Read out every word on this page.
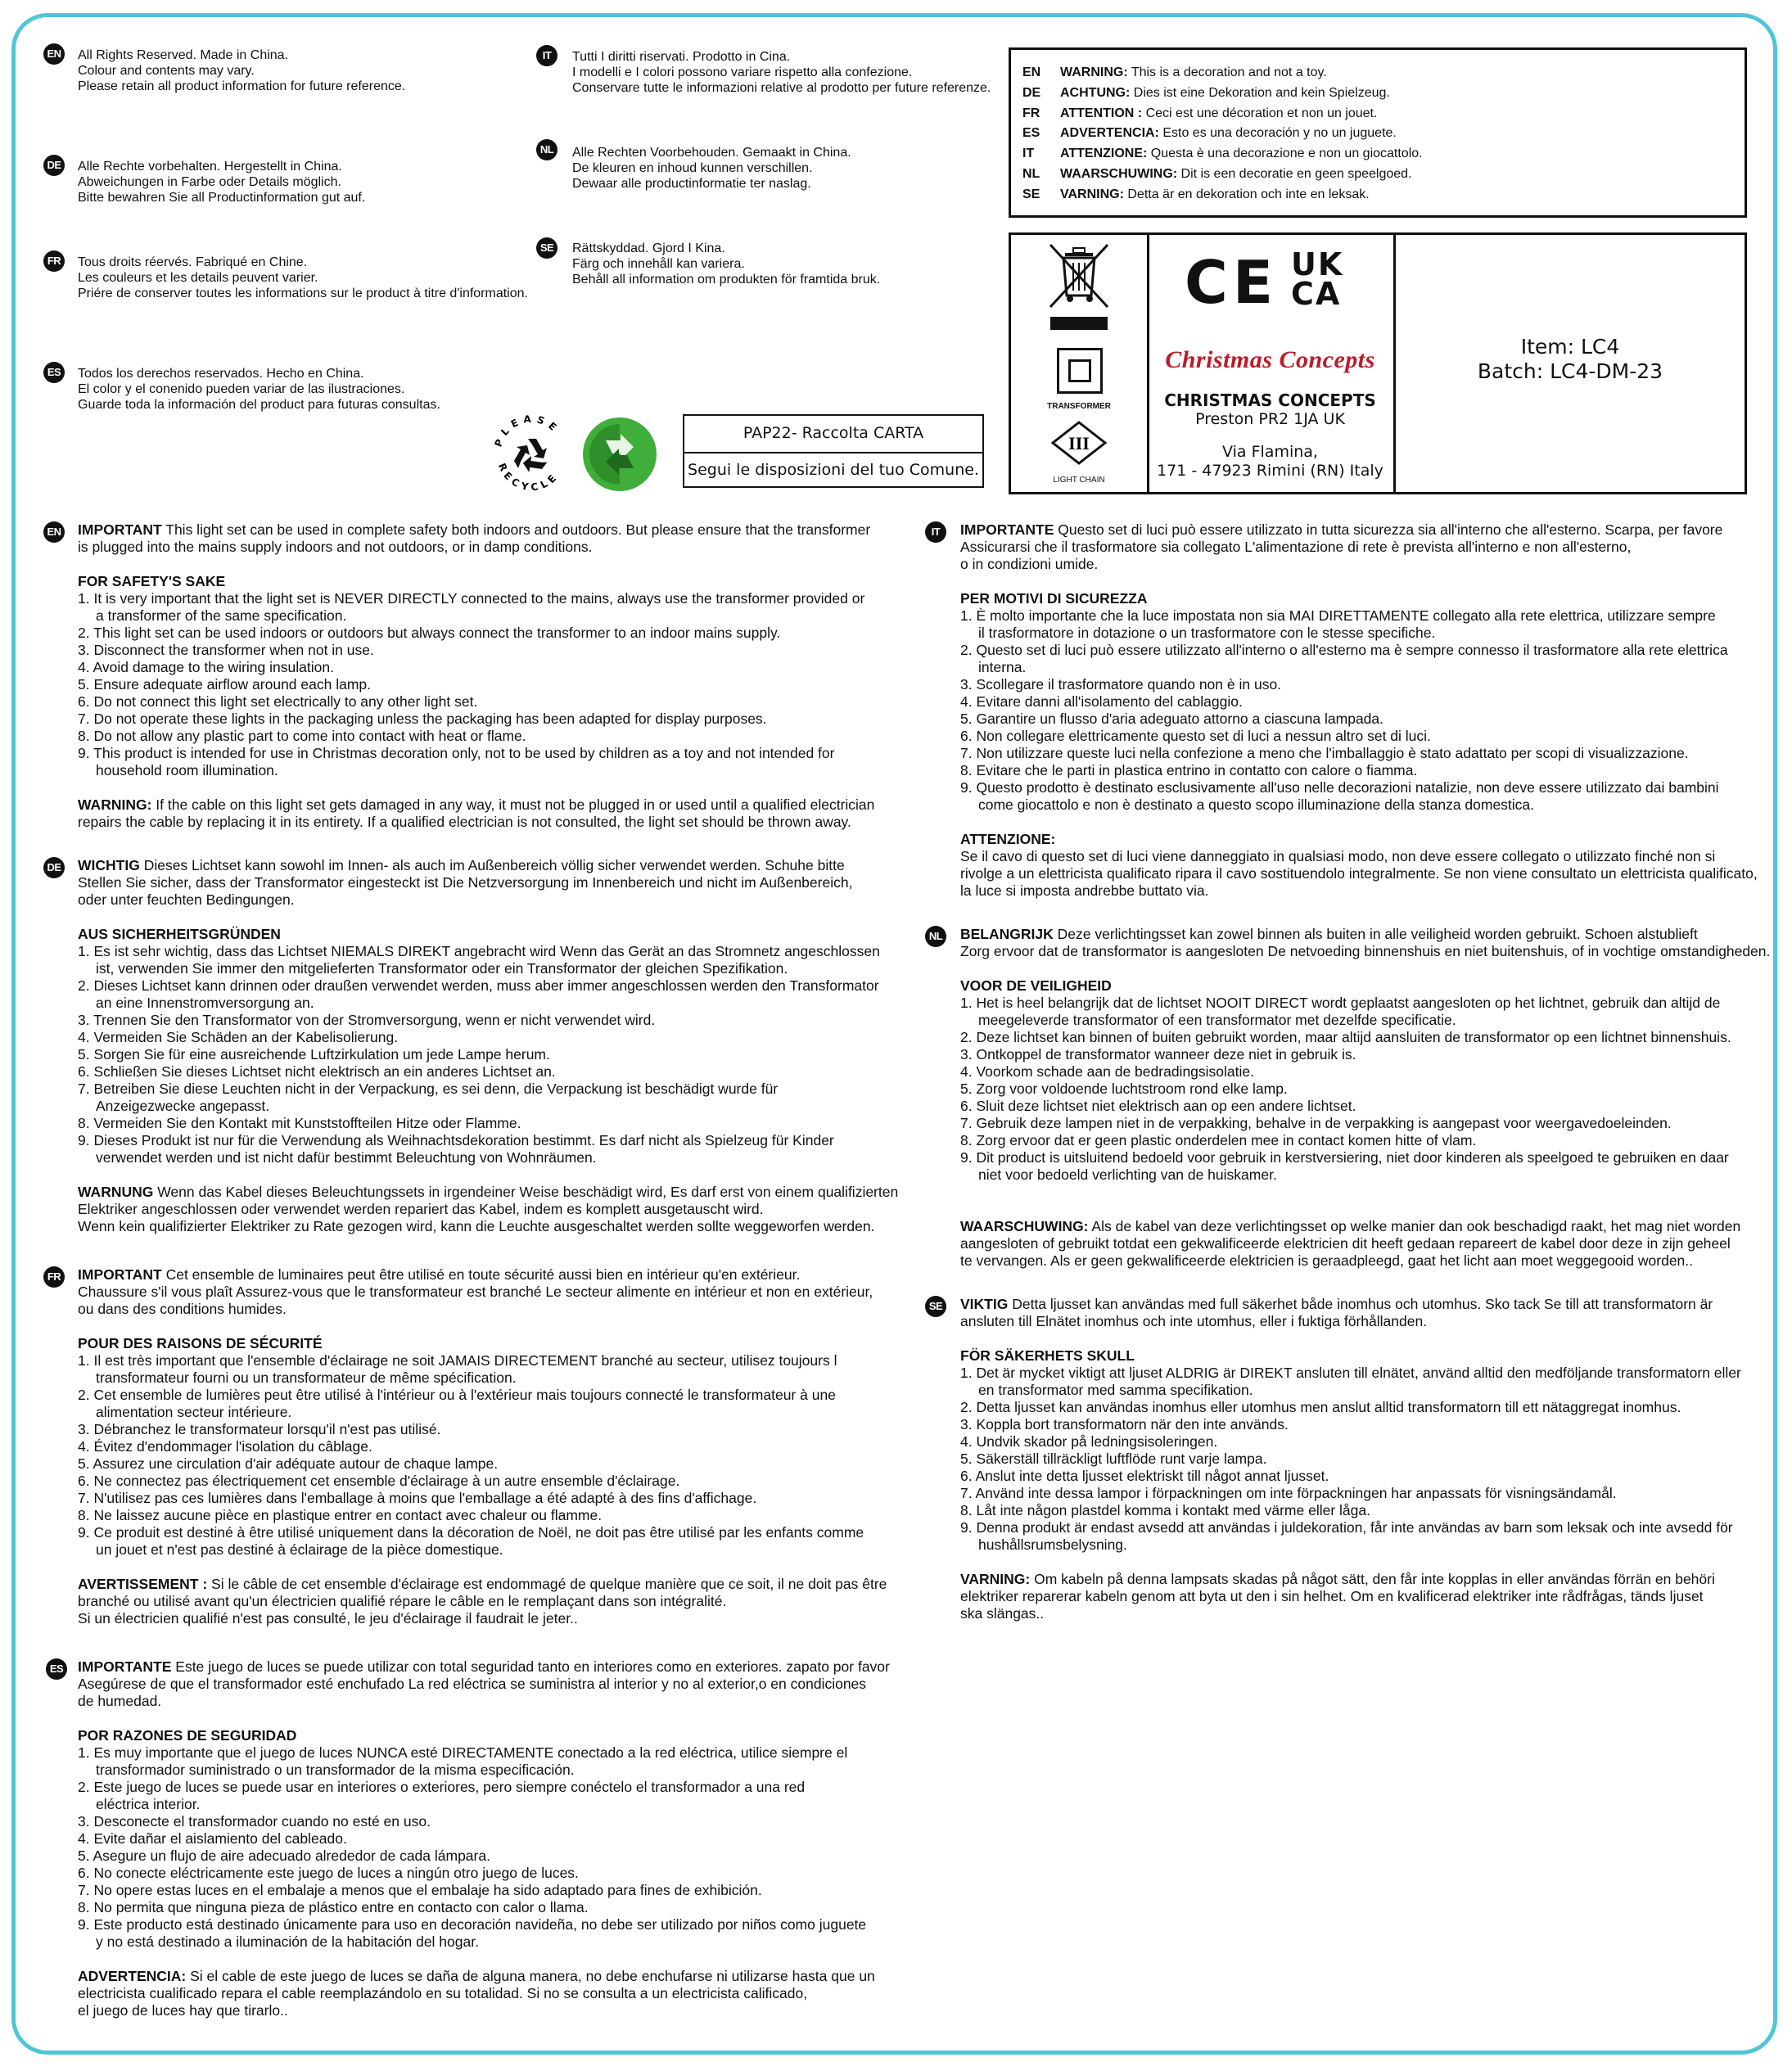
EN All Rights Reserved. Made in China.

Colour and contents may vary.

Please retain all product information for future reference.

DE Alle Rechte vorbehalten. Hergestellt in China.

Abweichungen in Farbe oder Details möglich.

Bitte bewahren Sie all Productinformation gut auf.

FR	Tous droits réervés. Fabriqué en Chine.

Les couleurs et les details peuvent varier.

Priére de conserver toutes les informations sur le product à titre d'information.

ES	Todos los derechos reservados. Hecho en China.

El color y el conenido pueden variar de las ilustraciones.

Guarde toda la información del product para futuras consultas.

IT	Tutti I diritti riservati. Prodotto in Cina.

I modelli e I colori possono variare rispetto alla confezione.

Conservare tutte le informazioni relative al prodotto per future referenze.

NL	Alle Rechten Voorbehouden. Gemaakt in China.

De kleuren en inhoud kunnen verschillen.

Dewaar alle productinformatie ter naslag.

SE	Rättskyddad. Gjord I Kina.

Färg och innehåll kan variera.

Behåll all information om produkten för framtida bruk.

PLEASE
RECYCLE
PAP22- Raccolta CARTA
Segui le disposizioni del tuo Comune.
EN WARNING: This is a decoration and not a toy.
DE ACHTUNG: Dies ist eine Dekoration and kein Spielzeug.
FR ATTENTION : Ceci est une décoration et non un jouet.
ES ADVERTENCIA: Esto es una decoración y no un juguete.
IT ATTENZIONE: Questa è una decorazione e non un giocattolo.
NL WAARSCHUWING: Dit is een decoratie en geen speelgoed.
SE VARNING: Detta är en dekoration och inte en leksak.
TRANSFORMER
III
LIGHT CHAIN
CE UK
CA
Christmas Concepts
CHRISTMAS CONCEPTS
Preston PR2 1JA UK
Via Flamina,
171 - 47923 Rimini (RN) Italy
Item: LC4
Batch: LC4-DM-23
EN IMPORTANT This light set can be used in complete safety both indoors and outdoors. But please ensure that the transformer

is plugged into the mains supply indoors and not outdoors, or in damp conditions.

FOR SAFETY'S SAKE

1. It is very important that the light set is NEVER DIRECTLY connected to the mains, always use the transformer provided or

a transformer of the same specification.

2. This light set can be used indoors or outdoors but always connect the transformer to an indoor mains supply.

3. Disconnect the transformer when not in use.

4. Avoid damage to the wiring insulation.

5. Ensure adequate airflow around each lamp.

6. Do not connect this light set electrically to any other light set.

7. Do not operate these lights in the packaging unless the packaging has been adapted for display purposes.

8. Do not allow any plastic part to come into contact with heat or flame.

9. This product is intended for use in Christmas decoration only, not to be used by children as a toy and not intended for

household room illumination.

WARNING: If the cable on this light set gets damaged in any way, it must not be plugged in or used until a qualified electrician

repairs the cable by replacing it in its entirety. If a qualified electrician is not consulted, the light set should be thrown away.

DE WICHTIG Dieses Lichtset kann sowohl im Innen- als auch im Außenbereich völlig sicher verwendet werden. Schuhe bitte

Stellen Sie sicher, dass der Transformator eingesteckt ist Die Netzversorgung im Innenbereich und nicht im Außenbereich,

oder unter feuchten Bedingungen.

AUS SICHERHEITSGRÜNDEN

1. Es ist sehr wichtig, dass das Lichtset NIEMALS DIREKT angebracht wird Wenn das Gerät an das Stromnetz angeschlossen

ist, verwenden Sie immer den mitgelieferten Transformator oder ein Transformator der gleichen Spezifikation.

2. Dieses Lichtset kann drinnen oder draußen verwendet werden, muss aber immer angeschlossen werden den Transformator

an eine Innenstromversorgung an.

3. Trennen Sie den Transformator von der Stromversorgung, wenn er nicht verwendet wird.

4. Vermeiden Sie Schäden an der Kabelisolierung.

5. Sorgen Sie für eine ausreichende Luftzirkulation um jede Lampe herum.

6. Schließen Sie dieses Lichtset nicht elektrisch an ein anderes Lichtset an.

7. Betreiben Sie diese Leuchten nicht in der Verpackung, es sei denn, die Verpackung ist beschädigt wurde für

Anzeigezwecke angepasst.

8. Vermeiden Sie den Kontakt mit Kunststoffteilen Hitze oder Flamme.

9. Dieses Produkt ist nur für die Verwendung als Weihnachtsdekoration bestimmt. Es darf nicht als Spielzeug für Kinder

verwendet werden und ist nicht dafür bestimmt Beleuchtung von Wohnräumen.

WARNUNG Wenn das Kabel dieses Beleuchtungssets in irgendeiner Weise beschädigt wird, Es darf erst von einem qualifizierten

Elektriker angeschlossen oder verwendet werden repariert das Kabel, indem es komplett ausgetauscht wird.

Wenn kein qualifizierter Elektriker zu Rate gezogen wird, kann die Leuchte ausgeschaltet werden sollte weggeworfen werden.

FR IMPORTANT Cet ensemble de luminaires peut être utilisé en toute sécurité aussi bien en intérieur qu'en extérieur.

Chaussure s'il vous plaît Assurez-vous que le transformateur est branché Le secteur alimente en intérieur et non en extérieur,

ou dans des conditions humides.

POUR DES RAISONS DE SÉCURITÉ

1. Il est très important que l'ensemble d'éclairage ne soit JAMAIS DIRECTEMENT branché au secteur, utilisez toujours l

transformateur fourni ou un transformateur de même spécification.

2. Cet ensemble de lumières peut être utilisé à l'intérieur ou à l'extérieur mais toujours connecté le transformateur à une

alimentation secteur intérieure.

3. Débranchez le transformateur lorsqu'il n'est pas utilisé.

4. Évitez d'endommager l'isolation du câblage.

5. Assurez une circulation d'air adéquate autour de chaque lampe.

6. Ne connectez pas électriquement cet ensemble d'éclairage à un autre ensemble d'éclairage.

7. N'utilisez pas ces lumières dans l'emballage à moins que l'emballage a été adapté à des fins d'affichage.

8. Ne laissez aucune pièce en plastique entrer en contact avec chaleur ou flamme.

9. Ce produit est destiné à être utilisé uniquement dans la décoration de Noël, ne doit pas être utilisé par les enfants comme

un jouet et n'est pas destiné à éclairage de la pièce domestique.

AVERTISSEMENT : Si le câble de cet ensemble d'éclairage est endommagé de quelque manière que ce soit, il ne doit pas être

branché ou utilisé avant qu'un électricien qualifié répare le câble en le remplaçant dans son intégralité.

Si un électricien qualifié n'est pas consulté, le jeu d'éclairage il faudrait le jeter..

ES IMPORTANTE Este juego de luces se puede utilizar con total seguridad tanto en interiores como en exteriores. zapato por favor

Asegúrese de que el transformador esté enchufado La red eléctrica se suministra al interior y no al exterior,o en condiciones

de humedad.

POR RAZONES DE SEGURIDAD

1. Es muy importante que el juego de luces NUNCA esté DIRECTAMENTE conectado a la red eléctrica, utilice siempre el

transformador suministrado o un transformador de la misma especificación.

2. Este juego de luces se puede usar en interiores o exteriores, pero siempre conéctelo el transformador a una red

eléctrica interior.

3. Desconecte el transformador cuando no esté en uso.

4. Evite dañar el aislamiento del cableado.

5. Asegure un flujo de aire adecuado alrededor de cada lámpara.

6. No conecte eléctricamente este juego de luces a ningún otro juego de luces.

7. No opere estas luces en el embalaje a menos que el embalaje ha sido adaptado para fines de exhibición.

8. No permita que ninguna pieza de plástico entre en contacto con calor o llama.

9. Este producto está destinado únicamente para uso en decoración navideña, no debe ser utilizado por niños como juguete

y no está destinado a iluminación de la habitación del hogar.

ADVERTENCIA: Si el cable de este juego de luces se daña de alguna manera, no debe enchufarse ni utilizarse hasta que un

electricista cualificado repara el cable reemplazándolo en su totalidad. Si no se consulta a un electricista calificado,

el juego de luces hay que tirarlo..

IT	IMPORTANTE Questo set di luci può essere utilizzato in tutta sicurezza sia all'interno che all'esterno. Scarpa, per favore

Assicurarsi che il trasformatore sia collegato L'alimentazione di rete è prevista all'interno e non all'esterno,

o in condizioni umide.

PER MOTIVI DI SICUREZZA

1. È molto importante che la luce impostata non sia MAI DIRETTAMENTE collegato alla rete elettrica, utilizzare sempre

il trasformatore in dotazione o un trasformatore con le stesse specifiche.

2. Questo set di luci può essere utilizzato all'interno o all'esterno ma è sempre connesso il trasformatore alla rete elettrica

interna.

3. Scollegare il trasformatore quando non è in uso.

4. Evitare danni all'isolamento del cablaggio.

5. Garantire un flusso d'aria adeguato attorno a ciascuna lampada.

6. Non collegare elettricamente questo set di luci a nessun altro set di luci.

7. Non utilizzare queste luci nella confezione a meno che l'imballaggio è stato adattato per scopi di visualizzazione.

8. Evitare che le parti in plastica entrino in contatto con calore o fiamma.

9. Questo prodotto è destinato esclusivamente all'uso nelle decorazioni natalizie, non deve essere utilizzato dai bambini

come giocattolo e non è destinato a questo scopo illuminazione della stanza domestica.

ATTENZIONE:

Se il cavo di questo set di luci viene danneggiato in qualsiasi modo, non deve essere collegato o utilizzato finché non si

rivolge a un elettricista qualificato ripara il cavo sostituendolo integralmente. Se non viene consultato un elettricista qualificato,

la luce si imposta andrebbe buttato via.

NL BELANGRIJK Deze verlichtingsset kan zowel binnen als buiten in alle veiligheid worden gebruikt. Schoen alstublieft

Zorg ervoor dat de transformator is aangesloten De netvoeding binnenshuis en niet buitenshuis, of in vochtige omstandigheden.

VOOR DE VEILIGHEID

1. Het is heel belangrijk dat de lichtset NOOIT DIRECT wordt geplaatst aangesloten op het lichtnet, gebruik dan altijd de

meegeleverde transformator of een transformator met dezelfde specificatie.

2. Deze lichtset kan binnen of buiten gebruikt worden, maar altijd aansluiten de transformator op een lichtnet binnenshuis.

3. Ontkoppel de transformator wanneer deze niet in gebruik is.

4. Voorkom schade aan de bedradingsisolatie.

5. Zorg voor voldoende luchtstroom rond elke lamp.

6. Sluit deze lichtset niet elektrisch aan op een andere lichtset.

7. Gebruik deze lampen niet in de verpakking, behalve in de verpakking is aangepast voor weergavedoeleinden.

8. Zorg ervoor dat er geen plastic onderdelen mee in contact komen hitte of vlam.

9. Dit product is uitsluitend bedoeld voor gebruik in kerstversiering, niet door kinderen als speelgoed te gebruiken en daar

niet voor bedoeld verlichting van de huiskamer.

WAARSCHUWING: Als de kabel van deze verlichtingsset op welke manier dan ook beschadigd raakt, het mag niet worden

aangesloten of gebruikt totdat een gekwalificeerde elektricien dit heeft gedaan repareert de kabel door deze in zijn geheel

te vervangen. Als er geen gekwalificeerde elektricien is geraadpleegd, gaat het licht aan moet weggegooid worden..

SE VIKTIG Detta ljusset kan användas med full säkerhet både inomhus och utomhus. Sko tack Se till att transformatorn är

ansluten till Elnätet inomhus och inte utomhus, eller i fuktiga förhållanden.

FÖR SÄKERHETS SKULL

1. Det är mycket viktigt att ljuset ALDRIG är DIREKT ansluten till elnätet, använd alltid den medföljande transformatorn eller

en transformator med samma specifikation.

2. Detta ljusset kan användas inomhus eller utomhus men anslut alltid transformatorn till ett nätaggregat inomhus.

3. Koppla bort transformatorn när den inte används.

4. Undvik skador på ledningsisoleringen.

5. Säkerställ tillräckligt luftflöde runt varje lampa.

6. Anslut inte detta ljusset elektriskt till något annat ljusset.

7. Använd inte dessa lampor i förpackningen om inte förpackningen har anpassats för visningsändamål.

8. Låt inte någon plastdel komma i kontakt med värme eller låga.

9. Denna produkt är endast avsedd att användas i juldekoration, får inte användas av barn som leksak och inte avsedd för

hushållsrumsbelysning.

VARNING: Om kabeln på denna lampsats skadas på något sätt, den får inte kopplas in eller användas förrän en behöri

elektriker reparerar kabeln genom att byta ut den i sin helhet. Om en kvalificerad elektriker inte rådfrågas, tänds ljuset

ska slängas..
